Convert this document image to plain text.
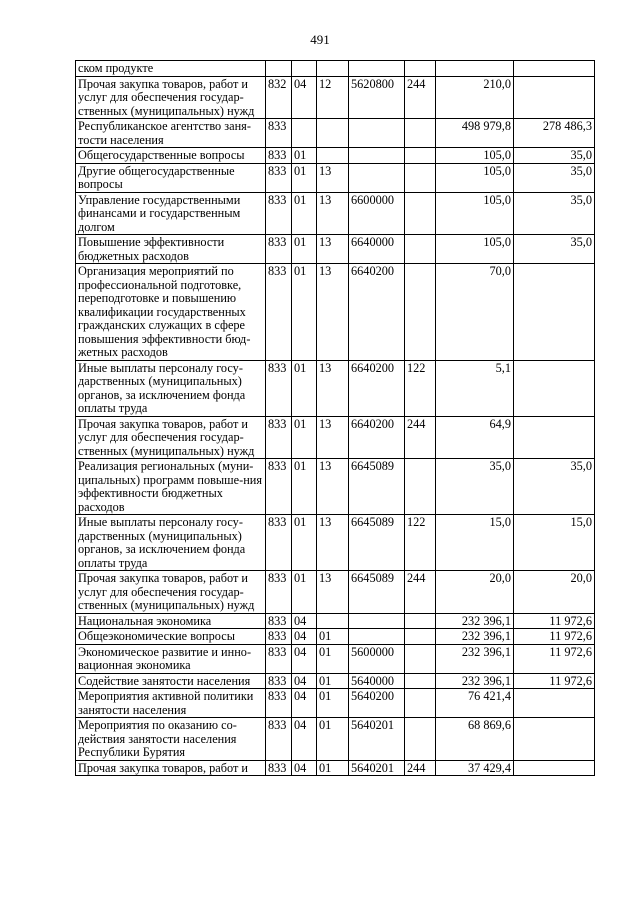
491
ском продукте							
Прочая закупка товаров, работ и услуг для обеспечения государ-ственных (муниципальных) нужд	832	04	12	5620800	244	210,0	
Республиканское агентство заня-тости населения	833					498 979,8	278 486,3
Общегосударственные вопросы	833	01				105,0	35,0
Другие общегосударственные вопросы	833	01	13			105,0	35,0
Управление государственными финансами и государственным долгом	833	01	13	6600000		105,0	35,0
Повышение эффективности бюджетных расходов	833	01	13	6640000		105,0	35,0
Организация мероприятий по профессиональной подготовке, переподготовке и повышению квалификации государственных гражданских служащих в сфере повышения эффективности бюд-жетных расходов	833	01	13	6640200		70,0	
Иные выплаты персоналу госу-дарственных (муниципальных) органов, за исключением фонда оплаты труда	833	01	13	6640200	122	5,1	
Прочая закупка товаров, работ и услуг для обеспечения государ-ственных (муниципальных) нужд	833	01	13	6640200	244	64,9	
Реализация региональных (муни-ципальных) программ повыше-ния эффективности бюджетных расходов	833	01	13	6645089		35,0	35,0
Иные выплаты персоналу госу-дарственных (муниципальных) органов, за исключением фонда оплаты труда	833	01	13	6645089	122	15,0	15,0
Прочая закупка товаров, работ и услуг для обеспечения государ-ственных (муниципальных) нужд	833	01	13	6645089	244	20,0	20,0
Национальная экономика	833	04				232 396,1	11 972,6
Общеэкономические вопросы	833	04	01			232 396,1	11 972,6
Экономическое развитие и инно-вационная экономика	833	04	01	5600000		232 396,1	11 972,6
Содействие занятости населения	833	04	01	5640000		232 396,1	11 972,6
Мероприятия активной политики занятости населения	833	04	01	5640200		76 421,4	
Мероприятия по оказанию со-действия занятости населения Республики Бурятия	833	04	01	5640201		68 869,6	
Прочая закупка товаров, работ и	833	04	01	5640201	244	37 429,4	
